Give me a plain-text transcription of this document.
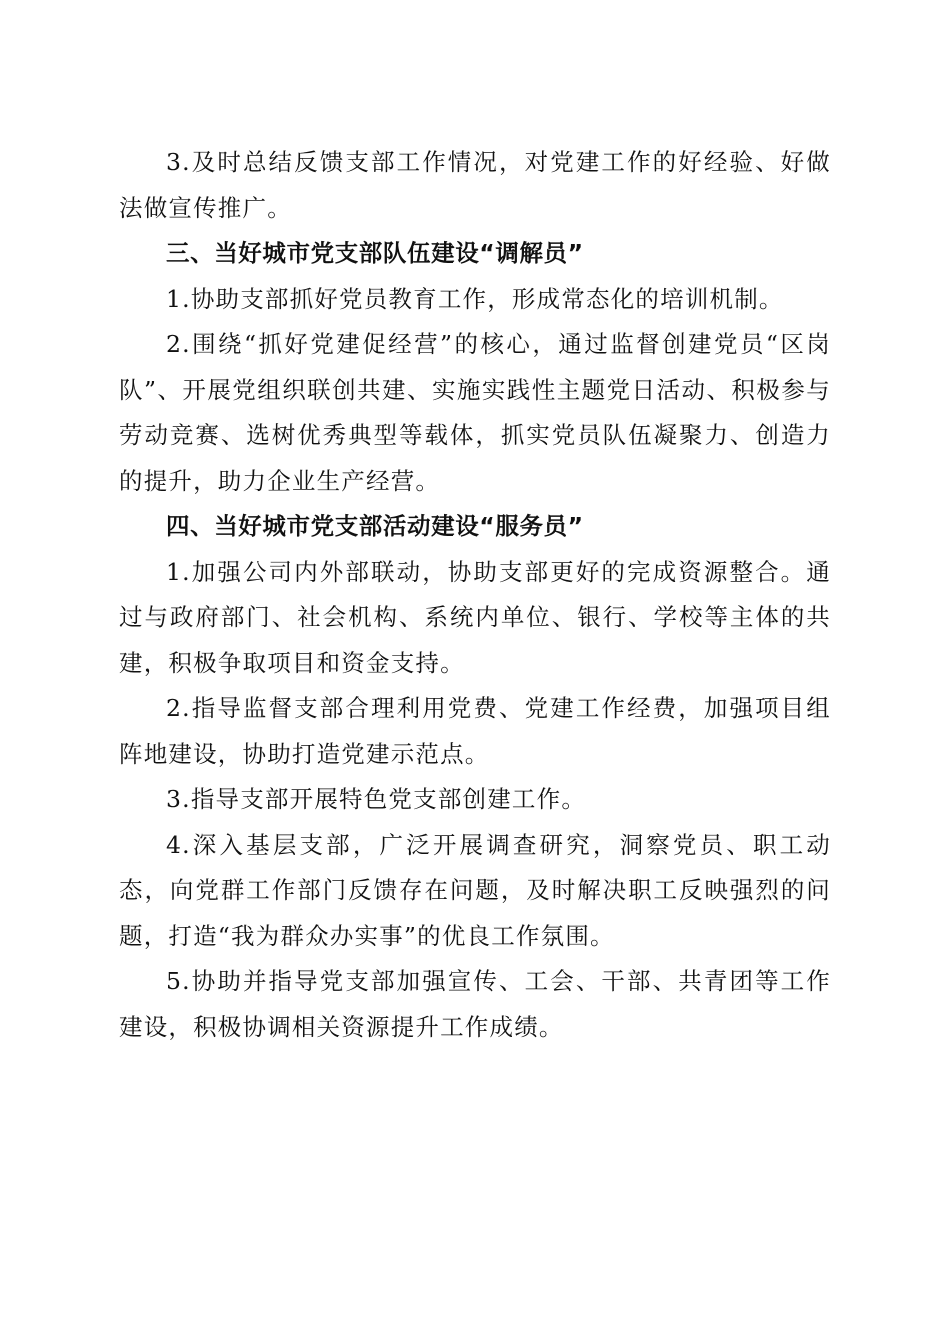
3.及时总结反馈支部工作情况，对党建工作的好经验、好做法做宣传推广。

三、当好城市党支部队伍建设“调解员”

1.协助支部抓好党员教育工作，形成常态化的培训机制。

2.围绕“抓好党建促经营”的核心，通过监督创建党员“区岗队”、开展党组织联创共建、实施实践性主题党日活动、积极参与劳动竞赛、选树优秀典型等载体，抓实党员队伍凝聚力、创造力的提升，助力企业生产经营。

四、当好城市党支部活动建设“服务员”

1.加强公司内外部联动，协助支部更好的完成资源整合。通过与政府部门、社会机构、系统内单位、银行、学校等主体的共建，积极争取项目和资金支持。

2.指导监督支部合理利用党费、党建工作经费，加强项目组阵地建设，协助打造党建示范点。

3.指导支部开展特色党支部创建工作。

4.深入基层支部，广泛开展调查研究，洞察党员、职工动态，向党群工作部门反馈存在问题，及时解决职工反映强烈的问题，打造“我为群众办实事”的优良工作氛围。

5.协助并指导党支部加强宣传、工会、干部、共青团等工作建设，积极协调相关资源提升工作成绩。
